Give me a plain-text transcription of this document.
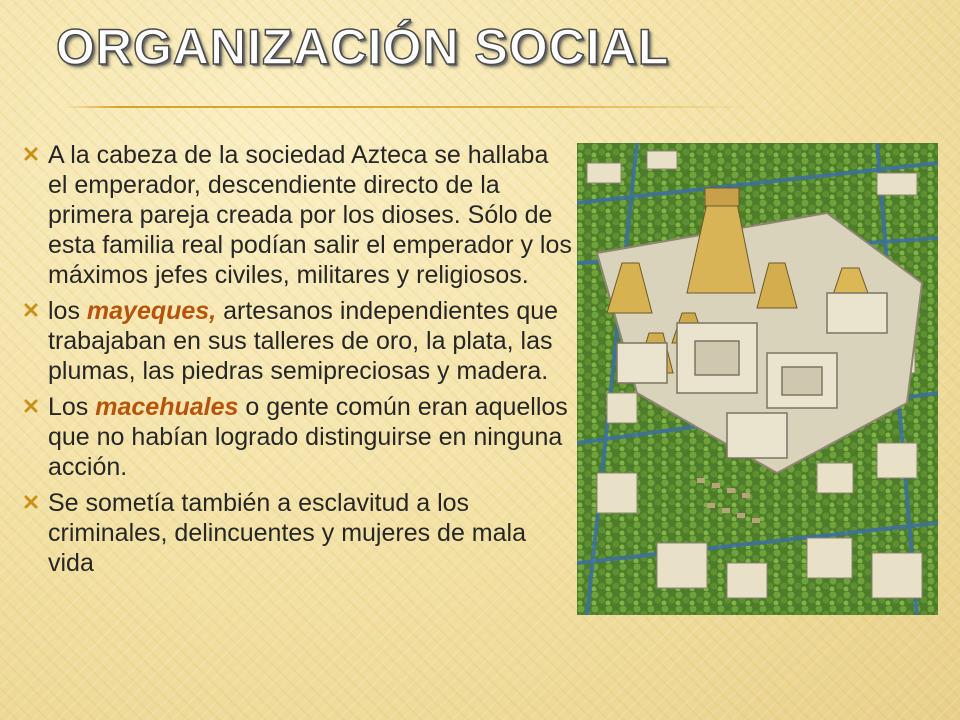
ORGANIZACIÓN SOCIAL
A la cabeza de la sociedad Azteca se hallaba el emperador, descendiente directo de la primera pareja creada por los dioses. Sólo de esta familia real podían salir el emperador y los máximos jefes civiles, militares y religiosos.
los mayeques, artesanos independientes que trabajaban en sus talleres de oro, la plata, las plumas, las piedras semipreciosas y madera.
Los macehuales o gente común eran aquellos que no habían logrado distinguirse en ninguna acción.
Se sometía también a esclavitud a los criminales, delincuentes y mujeres de mala vida
